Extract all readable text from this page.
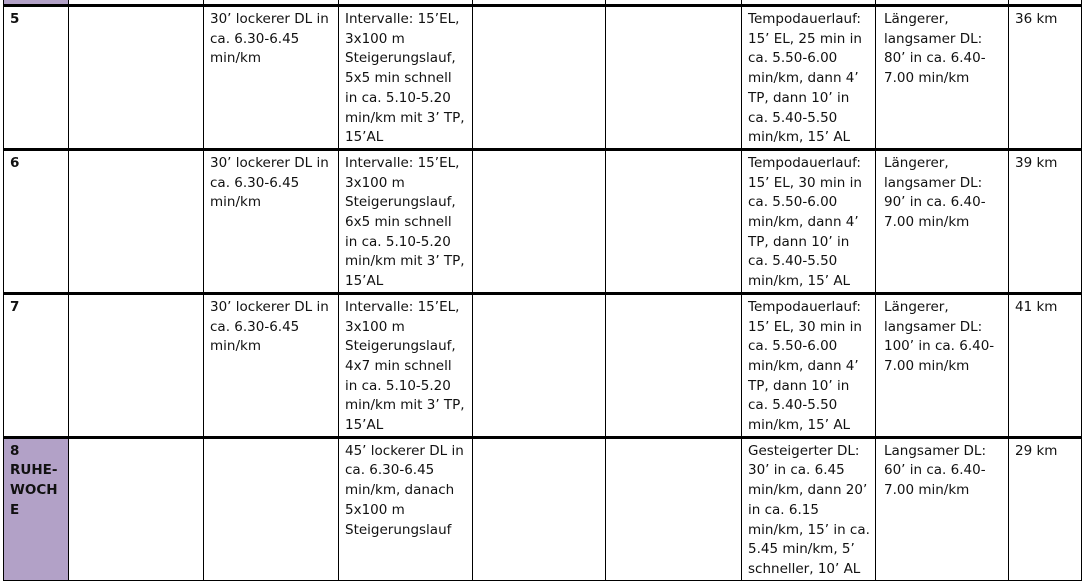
5		30’ lockerer DL in ca. 6.30-6.45 min/km	Intervalle: 15’EL, 3x100 m Steigerungslauf, 5x5 min schnell in ca. 5.10-5.20 min/km mit 3’ TP, 15’AL			Tempodauerlauf: 15’ EL, 25 min in ca. 5.50-6.00 min/km, dann 4’ TP, dann 10’ in ca. 5.40-5.50 min/km, 15’ AL	Längerer, langsamer DL: 80’ in ca. 6.40-7.00 min/km	36 km
6		30’ lockerer DL in ca. 6.30-6.45 min/km	Intervalle: 15’EL, 3x100 m Steigerungslauf, 6x5 min schnell in ca. 5.10-5.20 min/km mit 3’ TP, 15’AL			Tempodauerlauf: 15’ EL, 30 min in ca. 5.50-6.00 min/km, dann 4’ TP, dann 10’ in ca. 5.40-5.50 min/km, 15’ AL	Längerer, langsamer DL: 90’ in ca. 6.40-7.00 min/km	39 km
7		30’ lockerer DL in ca. 6.30-6.45 min/km	Intervalle: 15’EL, 3x100 m Steigerungslauf, 4x7 min schnell in ca. 5.10-5.20 min/km mit 3’ TP, 15’AL			Tempodauerlauf: 15’ EL, 30 min in ca. 5.50-6.00 min/km, dann 4’ TP, dann 10’ in ca. 5.40-5.50 min/km, 15’ AL	Längerer, langsamer DL: 100’ in ca. 6.40-7.00 min/km	41 km
8 RUHE-WOCH E			45’ lockerer DL in ca. 6.30-6.45 min/km, danach 5x100 m Steigerungslauf			Gesteigerter DL: 30’ in ca. 6.45 min/km, dann 20’ in ca. 6.15 min/km, 15’ in ca. 5.45 min/km, 5’ schneller, 10’ AL	Langsamer DL: 60’ in ca. 6.40-7.00 min/km	29 km
